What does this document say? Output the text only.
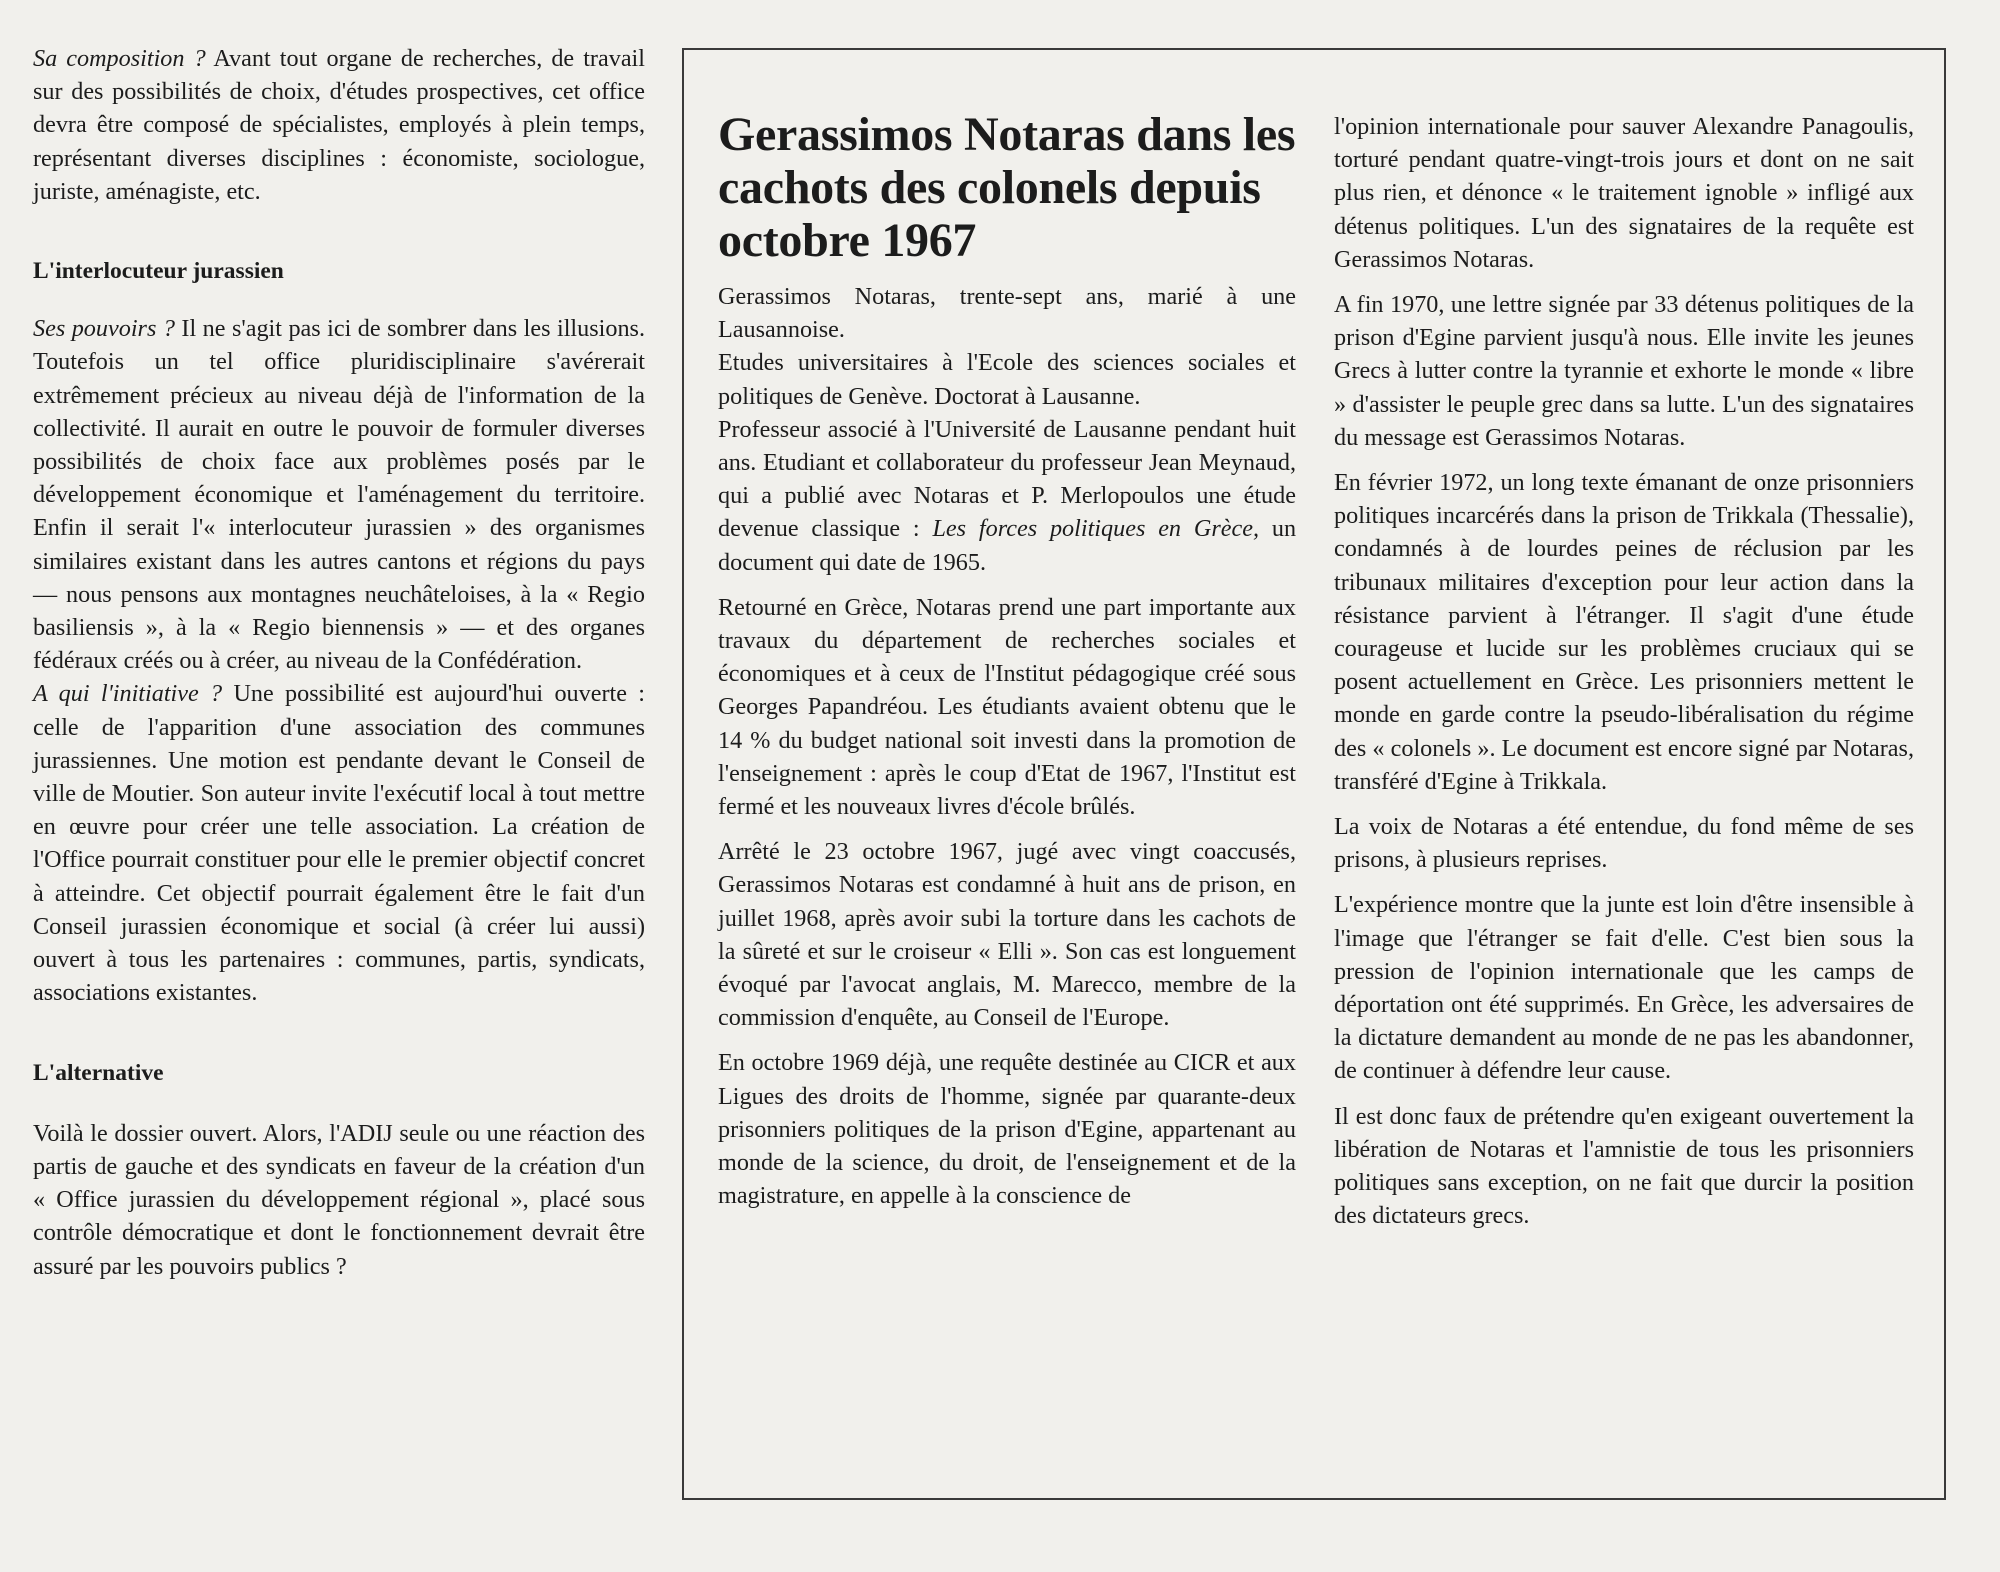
Sa composition ? Avant tout organe de recherches, de travail sur des possibilités de choix, d'études prospectives, cet office devra être composé de spécialistes, employés à plein temps, représentant diverses disciplines : économiste, sociologue, juriste, aménagiste, etc.

L'interlocuteur jurassien

Ses pouvoirs ? Il ne s'agit pas ici de sombrer dans les illusions. Toutefois un tel office pluridisciplinaire s'avérerait extrêmement précieux au niveau déjà de l'information de la collectivité. Il aurait en outre le pouvoir de formuler diverses possibilités de choix face aux problèmes posés par le développement économique et l'aménagement du territoire. Enfin il serait l'« interlocuteur jurassien » des organismes similaires existant dans les autres cantons et régions du pays — nous pensons aux montagnes neuchâteloises, à la « Regio basiliensis », à la « Regio biennensis » — et des organes fédéraux créés ou à créer, au niveau de la Confédération.

A qui l'initiative ? Une possibilité est aujourd'hui ouverte : celle de l'apparition d'une association des communes jurassiennes. Une motion est pendante devant le Conseil de ville de Moutier. Son auteur invite l'exécutif local à tout mettre en œuvre pour créer une telle association. La création de l'Office pourrait constituer pour elle le premier objectif concret à atteindre. Cet objectif pourrait également être le fait d'un Conseil jurassien économique et social (à créer lui aussi) ouvert à tous les partenaires : communes, partis, syndicats, associations existantes.

L'alternative

Voilà le dossier ouvert. Alors, l'ADIJ seule ou une réaction des partis de gauche et des syndicats en faveur de la création d'un « Office jurassien du développement régional », placé sous contrôle démocratique et dont le fonctionnement devrait être assuré par les pouvoirs publics ?

Gerassimos Notaras dans les cachots des colonels depuis octobre 1967

Gerassimos Notaras, trente-sept ans, marié à une Lausannoise.

Etudes universitaires à l'Ecole des sciences sociales et politiques de Genève. Doctorat à Lausanne.

Professeur associé à l'Université de Lausanne pendant huit ans. Etudiant et collaborateur du professeur Jean Meynaud, qui a publié avec Notaras et P. Merlopoulos une étude devenue classique : Les forces politiques en Grèce, un document qui date de 1965.

Retourné en Grèce, Notaras prend une part importante aux travaux du département de recherches sociales et économiques et à ceux de l'Institut pédagogique créé sous Georges Papandréou. Les étudiants avaient obtenu que le 14 % du budget national soit investi dans la promotion de l'enseignement : après le coup d'Etat de 1967, l'Institut est fermé et les nouveaux livres d'école brûlés.

Arrêté le 23 octobre 1967, jugé avec vingt coaccusés, Gerassimos Notaras est condamné à huit ans de prison, en juillet 1968, après avoir subi la torture dans les cachots de la sûreté et sur le croiseur « Elli ». Son cas est longuement évoqué par l'avocat anglais, M. Marecco, membre de la commission d'enquête, au Conseil de l'Europe.

En octobre 1969 déjà, une requête destinée au CICR et aux Ligues des droits de l'homme, signée par quarante-deux prisonniers politiques de la prison d'Egine, appartenant au monde de la science, du droit, de l'enseignement et de la magistrature, en appelle à la conscience de

l'opinion internationale pour sauver Alexandre Panagoulis, torturé pendant quatre-vingt-trois jours et dont on ne sait plus rien, et dénonce « le traitement ignoble » infligé aux détenus politiques. L'un des signataires de la requête est Gerassimos Notaras.

A fin 1970, une lettre signée par 33 détenus politiques de la prison d'Egine parvient jusqu'à nous. Elle invite les jeunes Grecs à lutter contre la tyrannie et exhorte le monde « libre » d'assister le peuple grec dans sa lutte. L'un des signataires du message est Gerassimos Notaras.

En février 1972, un long texte émanant de onze prisonniers politiques incarcérés dans la prison de Trikkala (Thessalie), condamnés à de lourdes peines de réclusion par les tribunaux militaires d'exception pour leur action dans la résistance parvient à l'étranger. Il s'agit d'une étude courageuse et lucide sur les problèmes cruciaux qui se posent actuellement en Grèce. Les prisonniers mettent le monde en garde contre la pseudo-libéralisation du régime des « colonels ». Le document est encore signé par Notaras, transféré d'Egine à Trikkala.

La voix de Notaras a été entendue, du fond même de ses prisons, à plusieurs reprises.

L'expérience montre que la junte est loin d'être insensible à l'image que l'étranger se fait d'elle. C'est bien sous la pression de l'opinion internationale que les camps de déportation ont été supprimés. En Grèce, les adversaires de la dictature demandent au monde de ne pas les abandonner, de continuer à défendre leur cause.

Il est donc faux de prétendre qu'en exigeant ouvertement la libération de Notaras et l'amnistie de tous les prisonniers politiques sans exception, on ne fait que durcir la position des dictateurs grecs.
